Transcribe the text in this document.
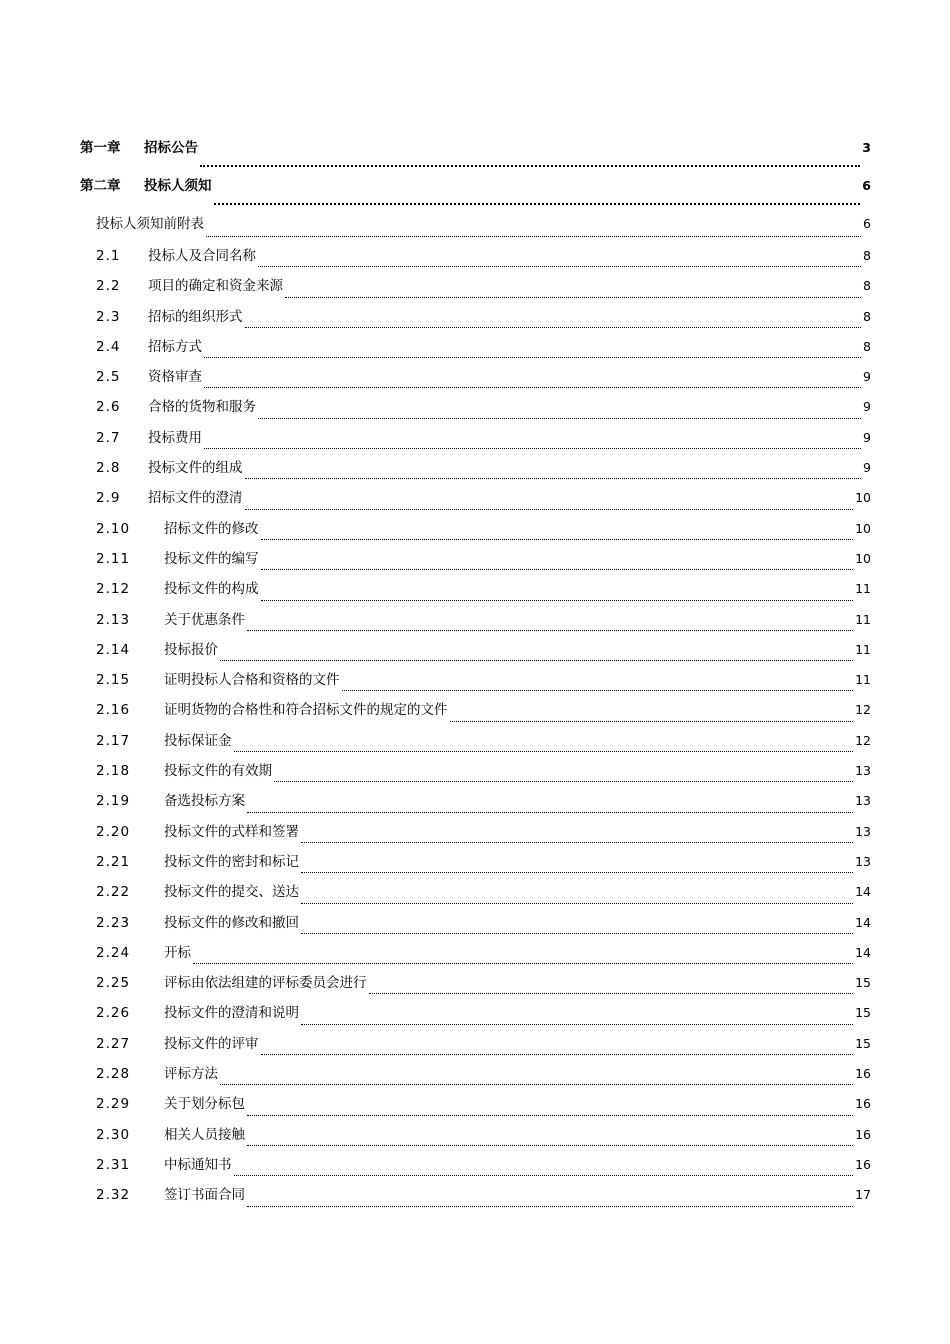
第一章	招标公告	3
第二章	投标人须知	6
投标人须知前附表	6
2.1	投标人及合同名称	8
2.2	项目的确定和资金来源	8
2.3	招标的组织形式	8
2.4	招标方式	8
2.5	资格审查	9
2.6	合格的货物和服务	9
2.7	投标费用	9
2.8	投标文件的组成	9
2.9	招标文件的澄清	10
2.10	招标文件的修改	10
2.11	投标文件的编写	10
2.12	投标文件的构成	11
2.13	关于优惠条件	11
2.14	投标报价	11
2.15	证明投标人合格和资格的文件	11
2.16	证明货物的合格性和符合招标文件的规定的文件	12
2.17	投标保证金	12
2.18	投标文件的有效期	13
2.19	备选投标方案	13
2.20	投标文件的式样和签署	13
2.21	投标文件的密封和标记	13
2.22	投标文件的提交、送达	14
2.23	投标文件的修改和撤回	14
2.24	开标	14
2.25	评标由依法组建的评标委员会进行	15
2.26	投标文件的澄清和说明	15
2.27	投标文件的评审	15
2.28	评标方法	16
2.29	关于划分标包	16
2.30	相关人员接触	16
2.31	中标通知书	16
2.32	签订书面合同	17
